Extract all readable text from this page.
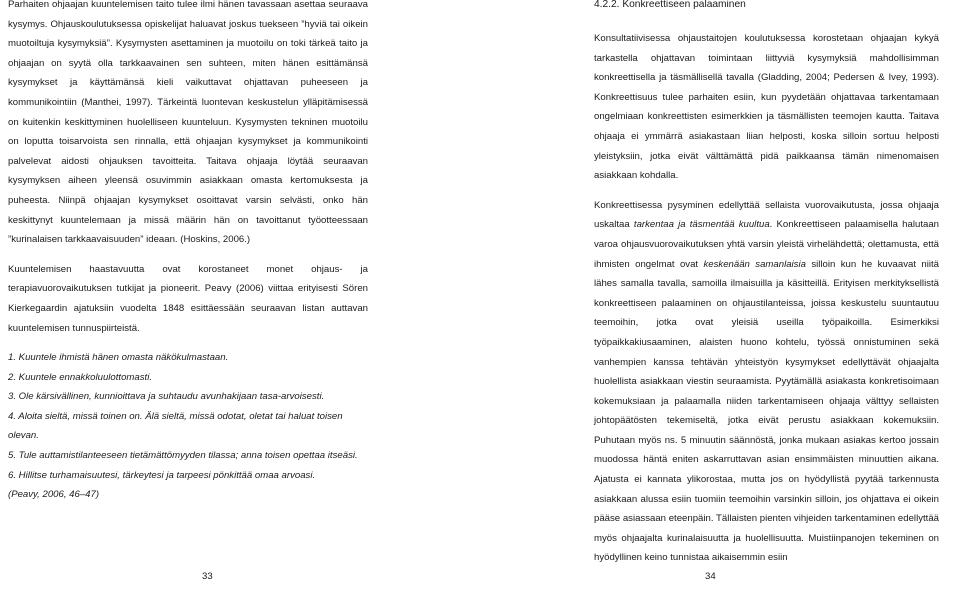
Parhaiten ohjaajan kuuntelemisen taito tulee ilmi hänen tavassaan asettaa seuraava kysymys. Ohjauskoulutuksessa opiskelijat haluavat joskus tuekseen ”hyviä tai oikein muotoiltuja kysymyksiä”. Kysymysten asettaminen ja muotoilu on toki tärkeä taito ja ohjaajan on syytä olla tarkkaavainen sen suhteen, miten hänen esittämänsä kysymykset ja käyttämänsä kieli vaikuttavat ohjattavan puheeseen ja kommunikointiin (Manthei, 1997). Tärkeintä luontevan keskustelun ylläpitämisessä on kuitenkin keskittyminen huolelliseen kuunteluun. Kysymysten tekninen muotoilu on loputta toisarvoista sen rinnalla, että ohjaajan kysymykset ja kommunikointi palvelevat aidosti ohjauksen tavoitteita. Taitava ohjaaja löytää seuraavan kysymyksen aiheen yleensä osuvimmin asiakkaan omasta kertomuksesta ja puheesta. Niinpä ohjaajan kysymykset osoittavat varsin selvästi, onko hän keskittynyt kuuntelemaan ja missä määrin hän on tavoittanut työotteessaan ”kurinalaisen tarkkaavaisuuden” ideaan. (Hoskins, 2006.)

Kuuntelemisen haastavuutta ovat korostaneet monet ohjaus- ja terapiavuorovaikutuksen tutkijat ja pioneerit. Peavy (2006) viittaa erityisesti Sören Kierkegaardin ajatuksiin vuodelta 1848 esittäessään seuraavan listan auttavan kuuntelemisen tunnuspiirteistä.

1. Kuuntele ihmistä hänen omasta näkökulmastaan.

2. Kuuntele ennakkoluulottomasti.

3. Ole kärsivällinen, kunnioittava ja suhtaudu avunhakijaan tasa-arvoisesti.

4. Aloita sieltä, missä toinen on. Älä sieltä, missä odotat, oletat tai haluat toisen olevan.

5. Tule auttamistilanteeseen tietämättömyyden tilassa; anna toisen opettaa itseäsi.

6. Hillitse turhamaisuutesi, tärkeytesi ja tarpeesi pönkittää omaa arvoasi.

(Peavy, 2006, 46–47)

33
4.2.2. Konkreettiseen palaaminen

Konsultatiivisessa ohjaustaitojen koulutuksessa korostetaan ohjaajan kykyä tarkastella ohjattavan toimintaan liittyviä kysymyksiä mahdollisimman konkreettisella ja täsmällisellä tavalla (Gladding, 2004; Pedersen & Ivey, 1993). Konkreettisuus tulee parhaiten esiin, kun pyydetään ohjattavaa tarkentamaan ongelmiaan konkreettisten esimerkkien ja täsmällisten teemojen kautta. Taitava ohjaaja ei ymmärrä asiakastaan liian helposti, koska silloin sortuu helposti yleistyksiin, jotka eivät välttämättä pidä paikkaansa tämän nimenomaisen asiakkaan kohdalla.

Konkreettisessa pysyminen edellyttää sellaista vuorovaikutusta, jossa ohjaaja uskaltaa tarkentaa ja täsmentää kuultua. Konkreettiseen palaamisella halutaan varoa ohjausvuorovaikutuksen yhtä varsin yleistä virhelähdettä; olettamusta, että ihmisten ongelmat ovat keskenään samanlaisia silloin kun he kuvaavat niitä lähes samalla tavalla, samoilla ilmaisuilla ja käsitteillä. Erityisen merkityksellistä konkreettiseen palaaminen on ohjaustilanteissa, joissa keskustelu suuntautuu teemoihin, jotka ovat yleisiä useilla työpaikoilla. Esimerkiksi työpaikkakiusaaminen, alaisten huono kohtelu, työssä onnistuminen sekä vanhempien kanssa tehtävän yhteistyön kysymykset edellyttävät ohjaajalta huolellista asiakkaan viestin seuraamista. Pyytämällä asiakasta konkretisoimaan kokemuksiaan ja palaamalla niiden tarkentamiseen ohjaaja välttyy sellaisten johtopäätösten tekemiseltä, jotka eivät perustu asiakkaan kokemuksiin. Puhutaan myös ns. 5 minuutin säännöstä, jonka mukaan asiakas kertoo jossain muodossa häntä eniten askarruttavan asian ensimmäisten minuuttien aikana. Ajatusta ei kannata ylikorostaa, mutta jos on hyödyllistä pyytää tarkennusta asiakkaan alussa esiin tuomiin teemoihin varsinkin silloin, jos ohjattava ei oikein pääse asiassaan eteenpäin. Tällaisten pienten vihjeiden tarkentaminen edellyttää myös ohjaajalta kurinalaisuutta ja huolellisuutta. Muistiinpanojen tekeminen on hyödyllinen keino tunnistaa aikaisemmin esiin

34
